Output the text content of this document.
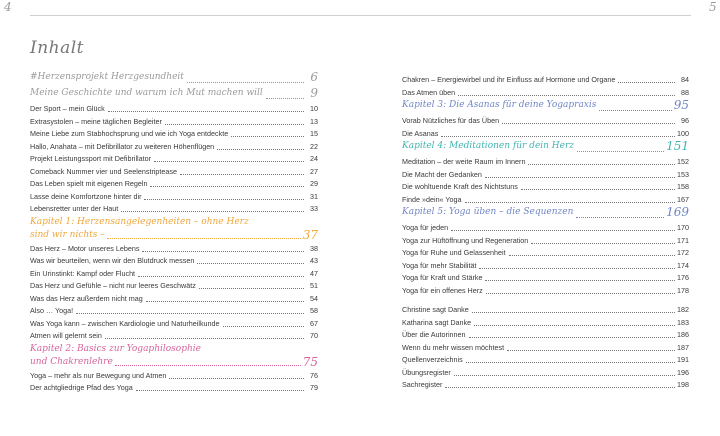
4
Inhalt
#Herzensprojekt Herzgesundheit	6
Meine Geschichte und warum ich Mut machen will	9
Der Sport – mein Glück	10
Extrasystolen – meine täglichen Begleiter	13
Meine Liebe zum Stabhochsprung und wie ich Yoga entdeckte	15
Hallo, Anahata – mit Defibrillator zu weiteren Höhenflügen	22
Projekt Leistungssport mit Defibrillator	24
Comeback Nummer vier und Seelenstriptease	27
Das Leben spielt mit eigenen Regeln	29
Lasse deine Komfortzone hinter dir	31
Lebensretter unter der Haut	33
Kapitel 1: Herzensangelegenheiten – ohne Herz
sind wir nichts –	37
Das Herz – Motor unseres Lebens	38
Was wir beurteilen, wenn wir den Blutdruck messen	43
Ein Urinstinkt: Kampf oder Flucht	47
Das Herz und Gefühle – nicht nur leeres Geschwätz	51
Was das Herz außerdem nicht mag	54
Also … Yoga!	58
Was Yoga kann – zwischen Kardiologie und Naturheilkunde	67
Atmen will gelernt sein	70
Kapitel 2: Basics zur Yogaphilosophie
und Chakrenlehre	75
Yoga – mehr als nur Bewegung und Atmen	76
Der achtgliedrige Pfad des Yoga	79
5
Chakren – Energiewirbel und ihr Einfluss auf Hormone und Organe	84
Das Atmen üben	88
Kapitel 3: Die Asanas für deine Yogapraxis	95
Vorab Nützliches für das Üben	96
Die Asanas	100
Kapitel 4: Meditationen für dein Herz	151
Meditation – der weite Raum im Innern	152
Die Macht der Gedanken	153
Die wohltuende Kraft des Nichtstuns	158
Finde »dein« Yoga	167
Kapitel 5: Yoga üben – die Sequenzen	169
Yoga für jeden	170
Yoga zur Hüftöffnung und Regeneration	171
Yoga für Ruhe und Gelassenheit	172
Yoga für mehr Stabilität	174
Yoga für Kraft und Stärke	176
Yoga für ein offenes Herz	178
Christine sagt Danke	182
Katharina sagt Danke	183
Über die Autorinnen	186
Wenn du mehr wissen möchtest	187
Quellenverzeichnis	191
Übungsregister	196
Sachregister	198
